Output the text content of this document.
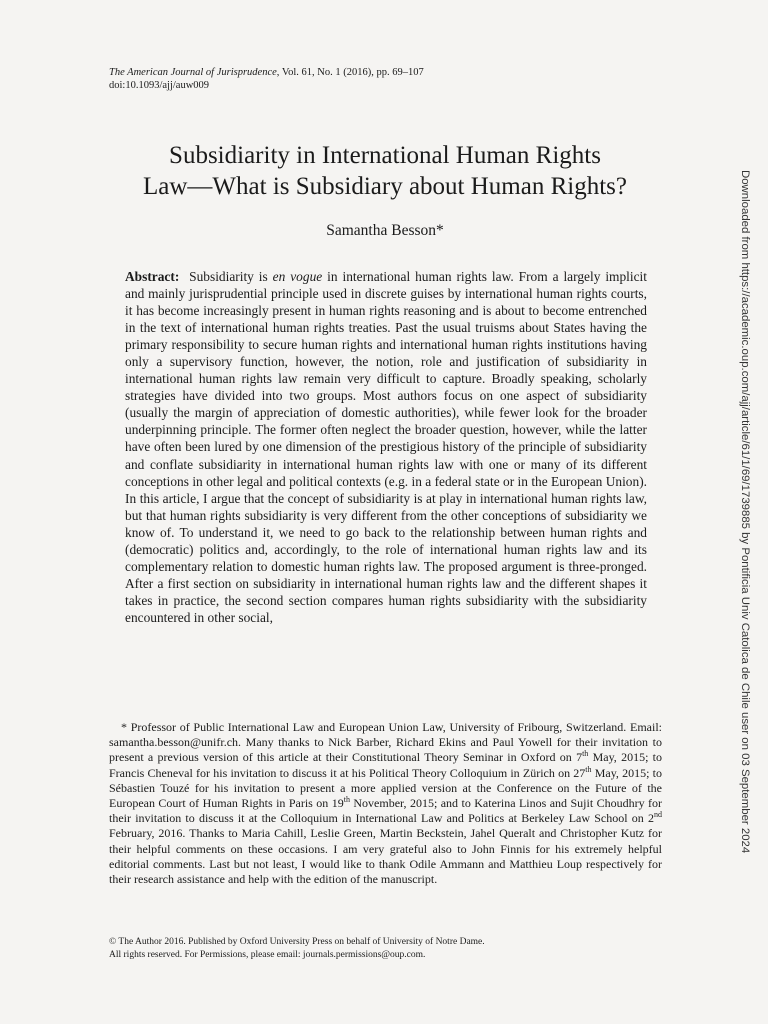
The American Journal of Jurisprudence, Vol. 61, No. 1 (2016), pp. 69–107
doi:10.1093/ajj/auw009
Subsidiarity in International Human Rights
Law—What is Subsidiary about Human Rights?
Samantha Besson*

Abstract: Subsidiarity is en vogue in international human rights law. From a largely implicit and mainly jurisprudential principle used in discrete guises by international human rights courts, it has become increasingly present in human rights reasoning and is about to become entrenched in the text of international human rights treaties. Past the usual truisms about States having the primary responsibility to secure human rights and international human rights institutions having only a supervisory function, however, the notion, role and justification of subsidiarity in international human rights law remain very difficult to capture. Broadly speaking, scholarly strategies have divided into two groups. Most authors focus on one aspect of subsidiarity (usually the margin of appreciation of domestic authorities), while fewer look for the broader underpinning principle. The former often neglect the broader question, however, while the latter have often been lured by one dimension of the prestigious history of the principle of subsidiarity and conflate subsidiarity in international human rights law with one or many of its different conceptions in other legal and political contexts (e.g. in a federal state or in the European Union). In this article, I argue that the concept of subsidiarity is at play in international human rights law, but that human rights subsidiarity is very different from the other conceptions of subsidiarity we know of. To understand it, we need to go back to the relationship between human rights and (democratic) politics and, accordingly, to the role of international human rights law and its complementary relation to domestic human rights law. The proposed argument is three-pronged. After a first section on subsidiarity in international human rights law and the different shapes it takes in practice, the second section compares human rights subsidiarity with the subsidiarity encountered in other social,

* Professor of Public International Law and European Union Law, University of Fribourg, Switzerland. Email: samantha.besson@unifr.ch. Many thanks to Nick Barber, Richard Ekins and Paul Yowell for their invitation to present a previous version of this article at their Constitutional Theory Seminar in Oxford on 7th May, 2015; to Francis Cheneval for his invitation to discuss it at his Political Theory Colloquium in Zürich on 27th May, 2015; to Sébastien Touzé for his invitation to present a more applied version at the Conference on the Future of the European Court of Human Rights in Paris on 19th November, 2015; and to Katerina Linos and Sujit Choudhry for their invitation to discuss it at the Colloquium in International Law and Politics at Berkeley Law School on 2nd February, 2016. Thanks to Maria Cahill, Leslie Green, Martin Beckstein, Jahel Queralt and Christopher Kutz for their helpful comments on these occasions. I am very grateful also to John Finnis for his extremely helpful editorial comments. Last but not least, I would like to thank Odile Ammann and Matthieu Loup respectively for their research assistance and help with the edition of the manuscript.

© The Author 2016. Published by Oxford University Press on behalf of University of Notre Dame.
All rights reserved. For Permissions, please email: journals.permissions@oup.com.
Downloaded from https://academic.oup.com/ajj/article/61/1/69/1739885 by Pontificia Univ Catolica de Chile user on 03 September 2024
